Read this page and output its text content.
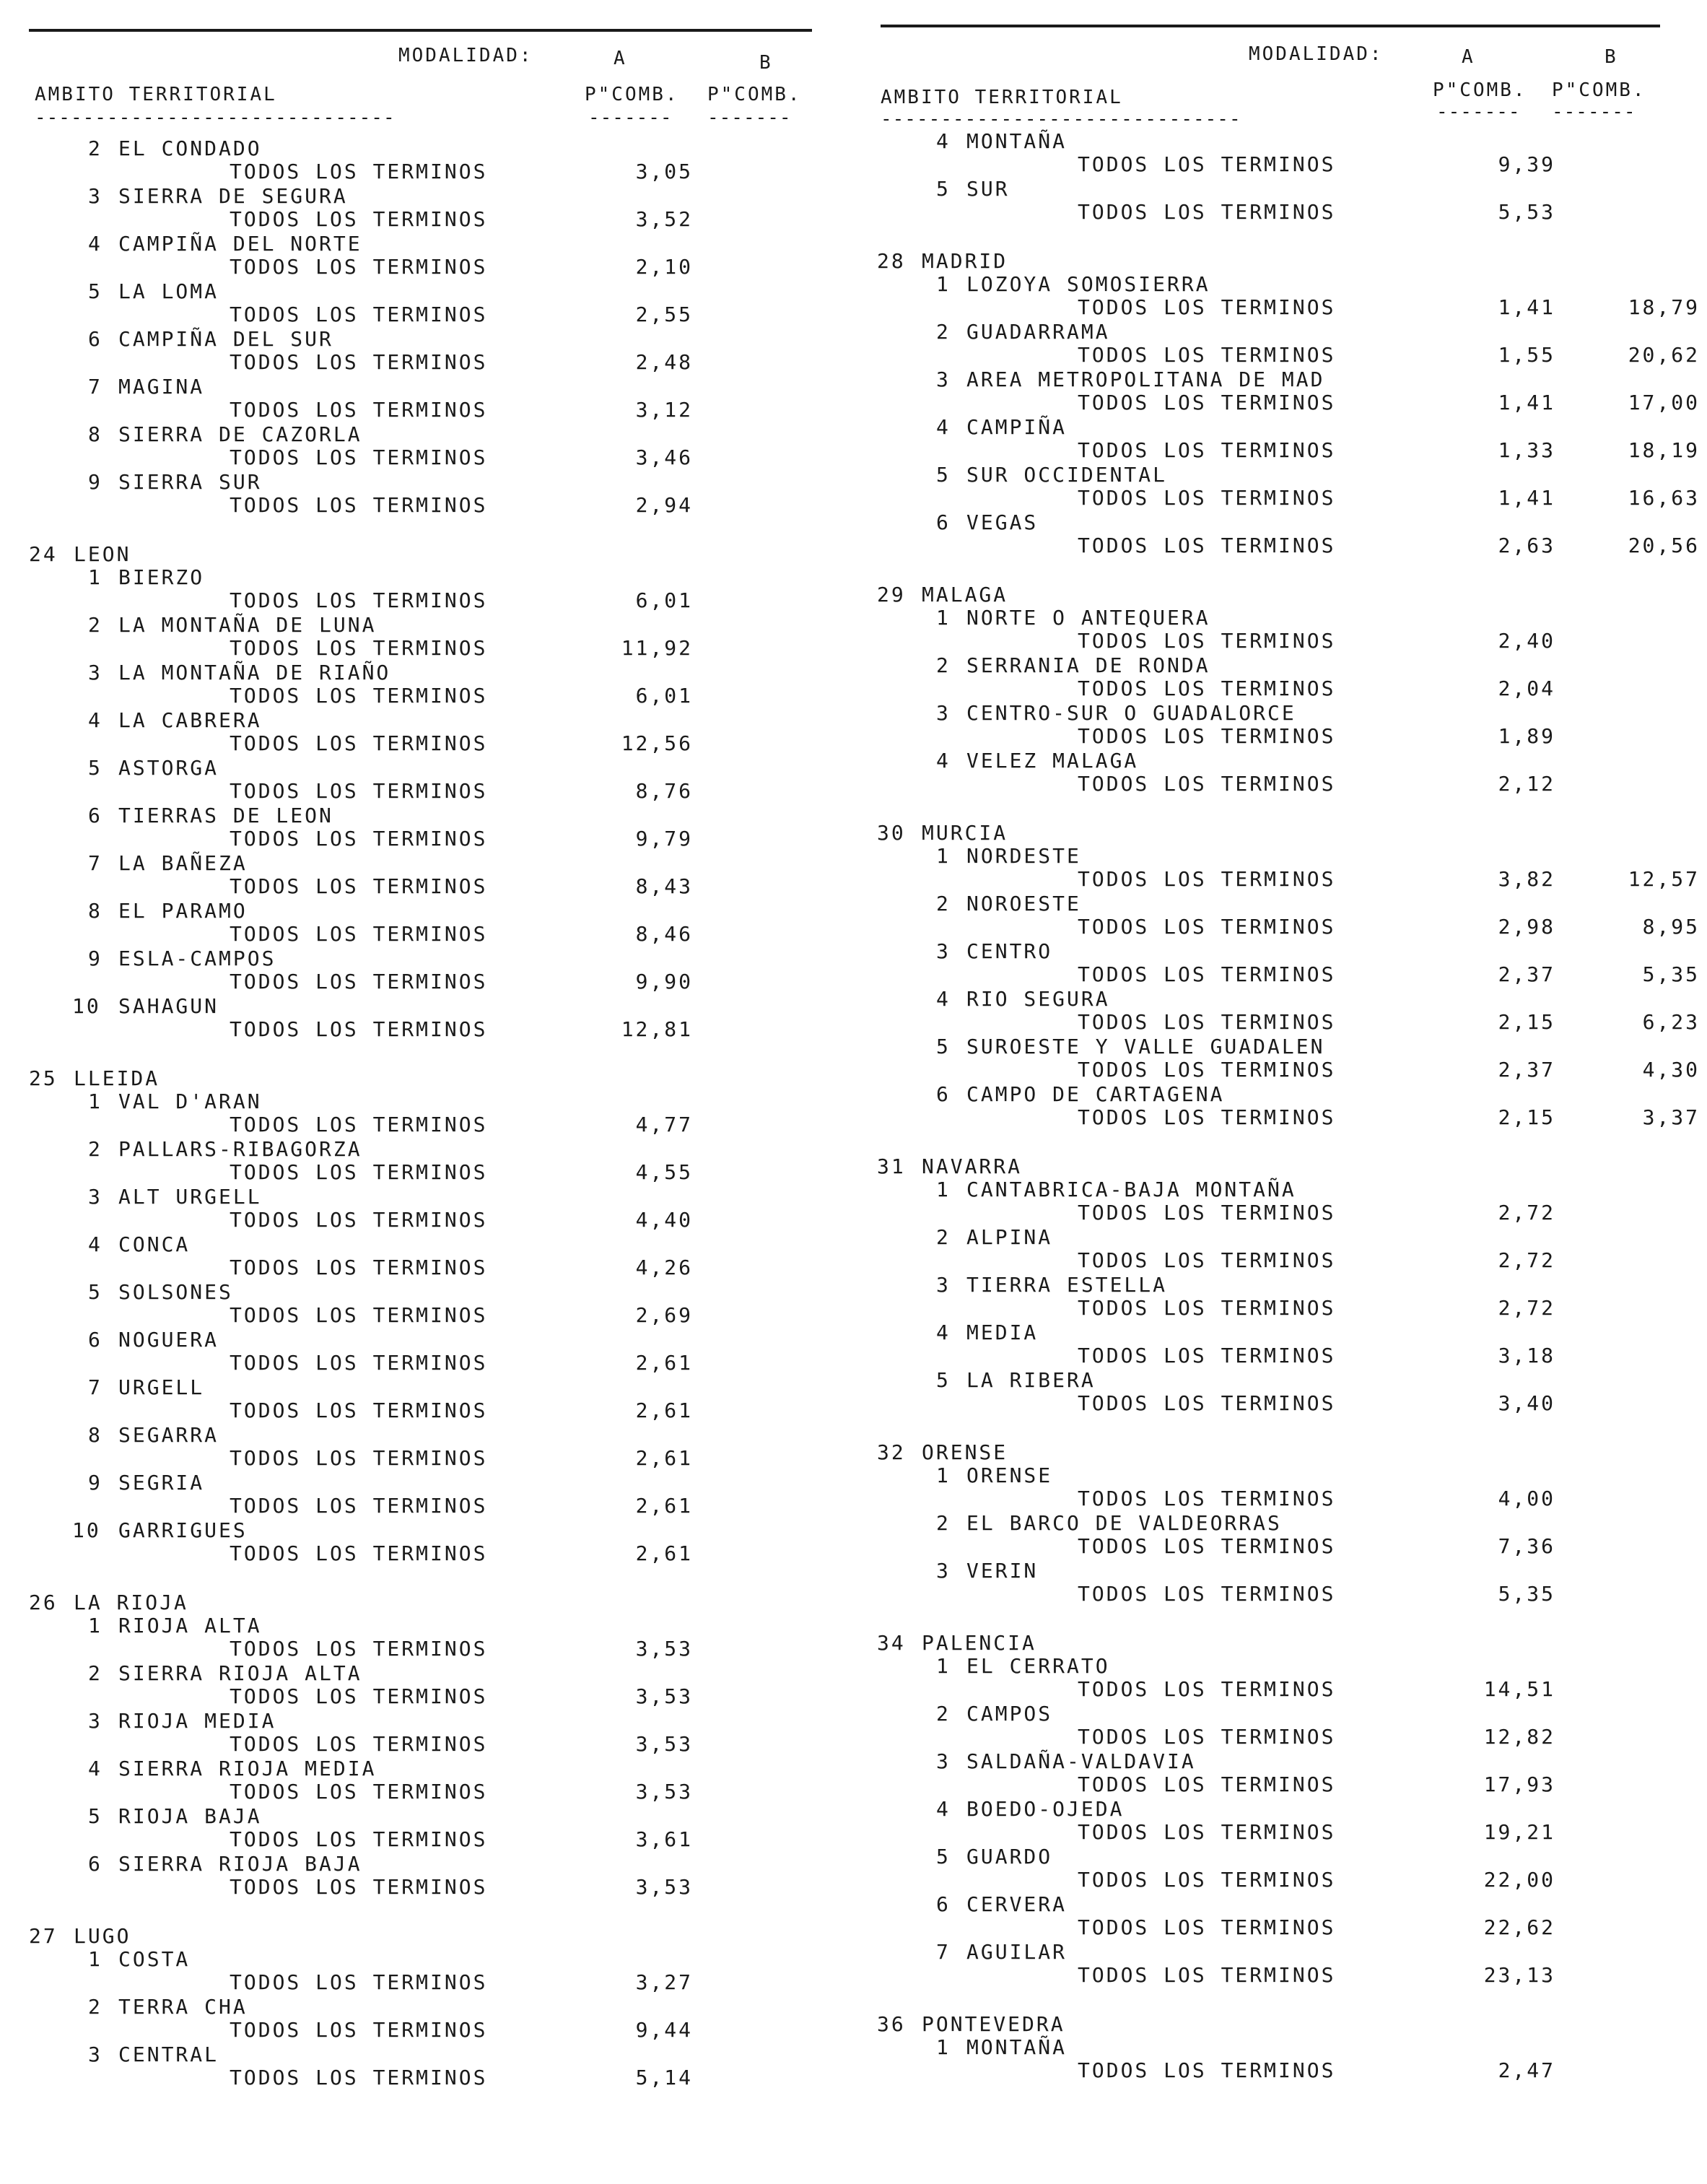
MODALIDAD:	A	B
AMBITO TERRITORIAL	P"COMB. P"COMB.
------------------------------	------- -------
2 EL CONDADO
TODOS LOS TERMINOS	3,05
3 SIERRA DE SEGURA
TODOS LOS TERMINOS	3,52
4 CAMPIÑA DEL NORTE
TODOS LOS TERMINOS	2,10
5 LA LOMA
TODOS LOS TERMINOS	2,55
6 CAMPIÑA DEL SUR
TODOS LOS TERMINOS	2,48
7 MAGINA
TODOS LOS TERMINOS	3,12
8 SIERRA DE CAZORLA
TODOS LOS TERMINOS	3,46
9 SIERRA SUR
TODOS LOS TERMINOS	2,94
24 LEON
1 BIERZO
TODOS LOS TERMINOS	6,01
2 LA MONTAÑA DE LUNA
TODOS LOS TERMINOS	11,92
3 LA MONTAÑA DE RIAÑO
TODOS LOS TERMINOS	6,01
4 LA CABRERA
TODOS LOS TERMINOS	12,56
5 ASTORGA
TODOS LOS TERMINOS	8,76
6 TIERRAS DE LEON
TODOS LOS TERMINOS	9,79
7 LA BAÑEZA
TODOS LOS TERMINOS	8,43
8 EL PARAMO
TODOS LOS TERMINOS	8,46
9 ESLA-CAMPOS
TODOS LOS TERMINOS	9,90
10 SAHAGUN
TODOS LOS TERMINOS	12,81
25 LLEIDA
1 VAL D'ARAN
TODOS LOS TERMINOS	4,77
2 PALLARS-RIBAGORZA
TODOS LOS TERMINOS	4,55
3 ALT URGELL
TODOS LOS TERMINOS	4,40
4 CONCA
TODOS LOS TERMINOS	4,26
5 SOLSONES
TODOS LOS TERMINOS	2,69
6 NOGUERA
TODOS LOS TERMINOS	2,61
7 URGELL
TODOS LOS TERMINOS	2,61
8 SEGARRA
TODOS LOS TERMINOS	2,61
9 SEGRIA
TODOS LOS TERMINOS	2,61
10 GARRIGUES
TODOS LOS TERMINOS	2,61
26 LA RIOJA
1 RIOJA ALTA
TODOS LOS TERMINOS	3,53
2 SIERRA RIOJA ALTA
TODOS LOS TERMINOS	3,53
3 RIOJA MEDIA
TODOS LOS TERMINOS	3,53
4 SIERRA RIOJA MEDIA
TODOS LOS TERMINOS	3,53
5 RIOJA BAJA
TODOS LOS TERMINOS	3,61
6 SIERRA RIOJA BAJA
TODOS LOS TERMINOS	3,53
27 LUGO
1 COSTA
TODOS LOS TERMINOS	3,27
2 TERRA CHA
TODOS LOS TERMINOS	9,44
3 CENTRAL
TODOS LOS TERMINOS	5,14
MODALIDAD:	A	B
AMBITO TERRITORIAL	P"COMB. P"COMB.
------------------------------	------- -------
4 MONTAÑA
TODOS LOS TERMINOS	9,39
5 SUR
TODOS LOS TERMINOS	5,53
28 MADRID
1 LOZOYA SOMOSIERRA
TODOS LOS TERMINOS	1,41	18,79
2 GUADARRAMA
TODOS LOS TERMINOS	1,55	20,62
3 AREA METROPOLITANA DE MAD
TODOS LOS TERMINOS	1,41	17,00
4 CAMPIÑA
TODOS LOS TERMINOS	1,33	18,19
5 SUR OCCIDENTAL
TODOS LOS TERMINOS	1,41	16,63
6 VEGAS
TODOS LOS TERMINOS	2,63	20,56
29 MALAGA
1 NORTE O ANTEQUERA
TODOS LOS TERMINOS	2,40
2 SERRANIA DE RONDA
TODOS LOS TERMINOS	2,04
3 CENTRO-SUR O GUADALORCE
TODOS LOS TERMINOS	1,89
4 VELEZ MALAGA
TODOS LOS TERMINOS	2,12
30 MURCIA
1 NORDESTE
TODOS LOS TERMINOS	3,82	12,57
2 NOROESTE
TODOS LOS TERMINOS	2,98	8,95
3 CENTRO
TODOS LOS TERMINOS	2,37	5,35
4 RIO SEGURA
TODOS LOS TERMINOS	2,15	6,23
5 SUROESTE Y VALLE GUADALEN
TODOS LOS TERMINOS	2,37	4,30
6 CAMPO DE CARTAGENA
TODOS LOS TERMINOS	2,15	3,37
31 NAVARRA
1 CANTABRICA-BAJA MONTAÑA
TODOS LOS TERMINOS	2,72
2 ALPINA
TODOS LOS TERMINOS	2,72
3 TIERRA ESTELLA
TODOS LOS TERMINOS	2,72
4 MEDIA
TODOS LOS TERMINOS	3,18
5 LA RIBERA
TODOS LOS TERMINOS	3,40
32 ORENSE
1 ORENSE
TODOS LOS TERMINOS	4,00
2 EL BARCO DE VALDEORRAS
TODOS LOS TERMINOS	7,36
3 VERIN
TODOS LOS TERMINOS	5,35
34 PALENCIA
1 EL CERRATO
TODOS LOS TERMINOS	14,51
2 CAMPOS
TODOS LOS TERMINOS	12,82
3 SALDAÑA-VALDAVIA
TODOS LOS TERMINOS	17,93
4 BOEDO-OJEDA
TODOS LOS TERMINOS	19,21
5 GUARDO
TODOS LOS TERMINOS	22,00
6 CERVERA
TODOS LOS TERMINOS	22,62
7 AGUILAR
TODOS LOS TERMINOS	23,13
36 PONTEVEDRA
1 MONTAÑA
TODOS LOS TERMINOS	2,47
